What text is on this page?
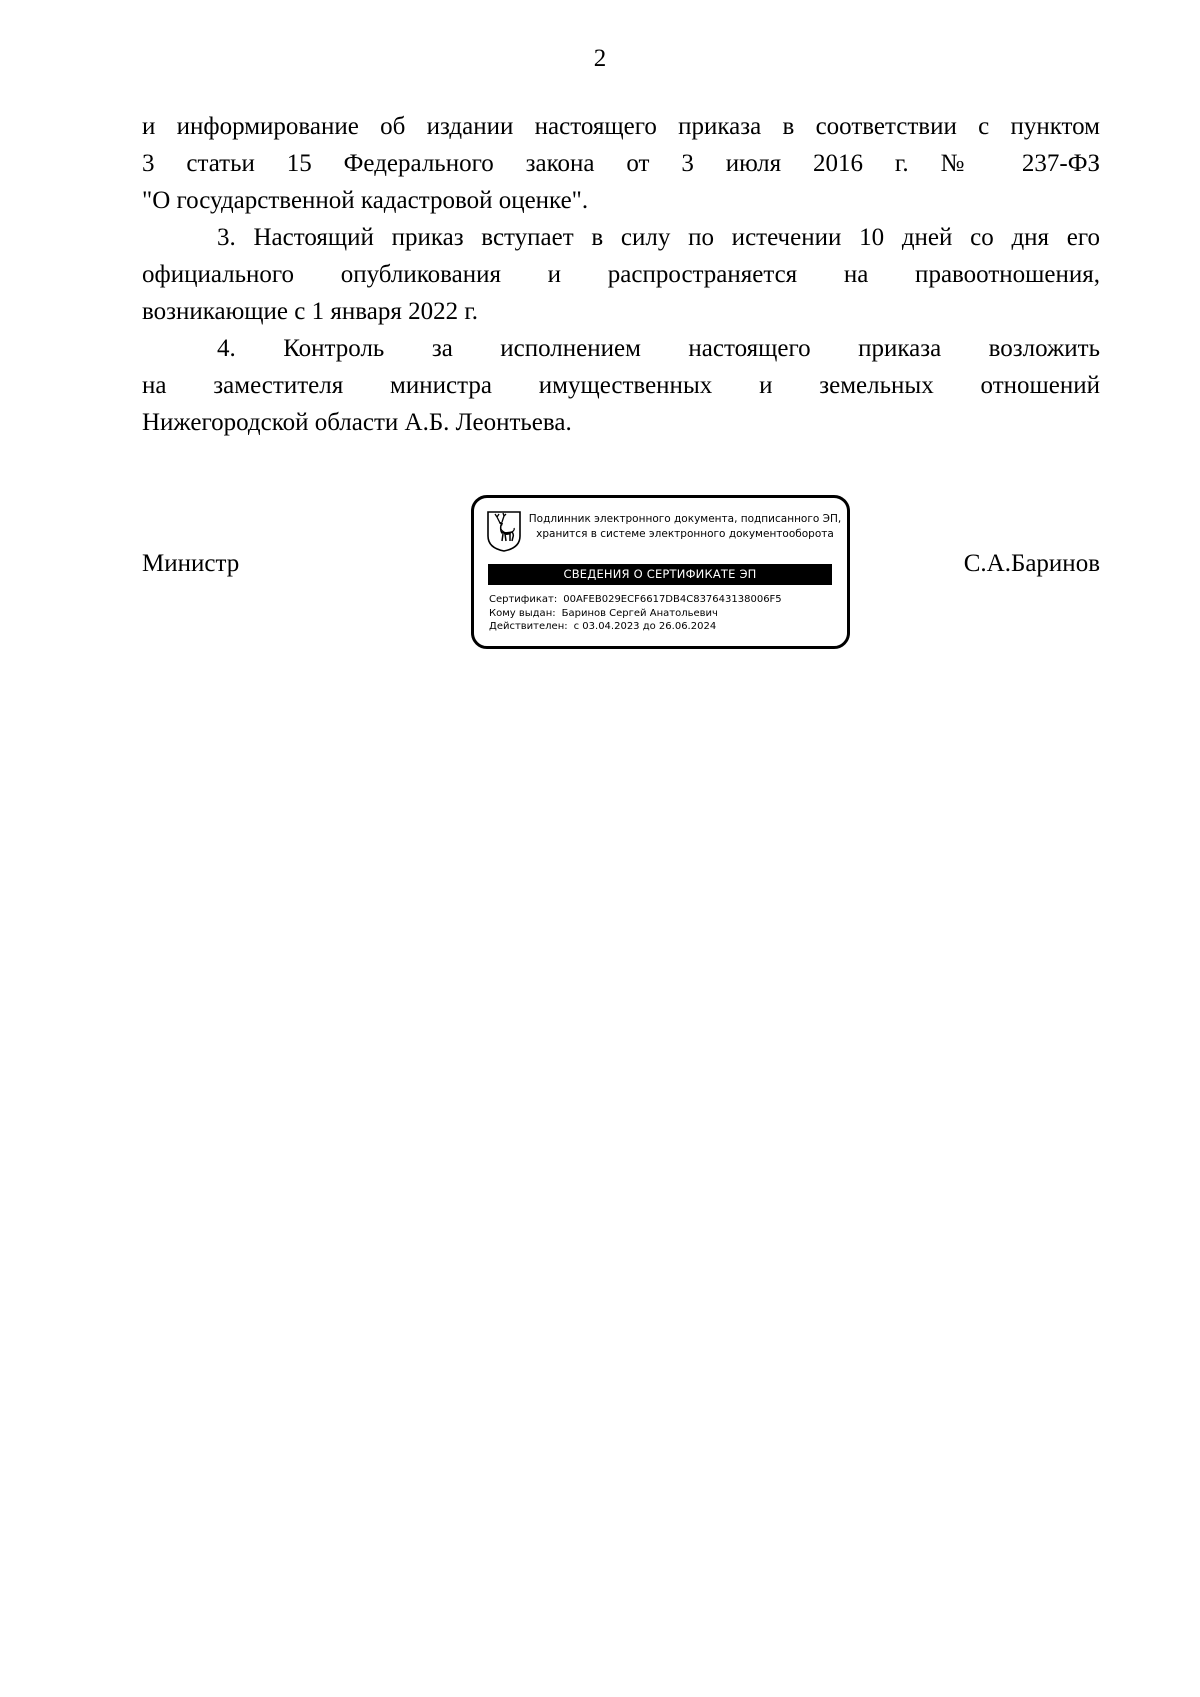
2

и информирование об издании настоящего приказа в соответствии с пунктом
3 статьи 15 Федерального закона от 3 июля 2016 г. № 237-ФЗ
"О государственной кадастровой оценке".

3. Настоящий приказ вступает в силу по истечении 10 дней со дня его
официального опубликования и распространяется на правоотношения,
возникающие с 1 января 2022 г.

4. Контроль за исполнением настоящего приказа возложить
на заместителя министра имущественных и земельных отношений
Нижегородской области А.Б. Леонтьева.

Министр	С.А.Баринов
Подлинник электронного документа, подписанного ЭП,
хранится в системе электронного документооборота
СВЕДЕНИЯ О СЕРТИФИКАТЕ ЭП
Сертификат: 00AFEB029ECF6617DB4C837643138006F5
Кому выдан: Баринов Сергей Анатольевич
Действителен: с 03.04.2023 до 26.06.2024
